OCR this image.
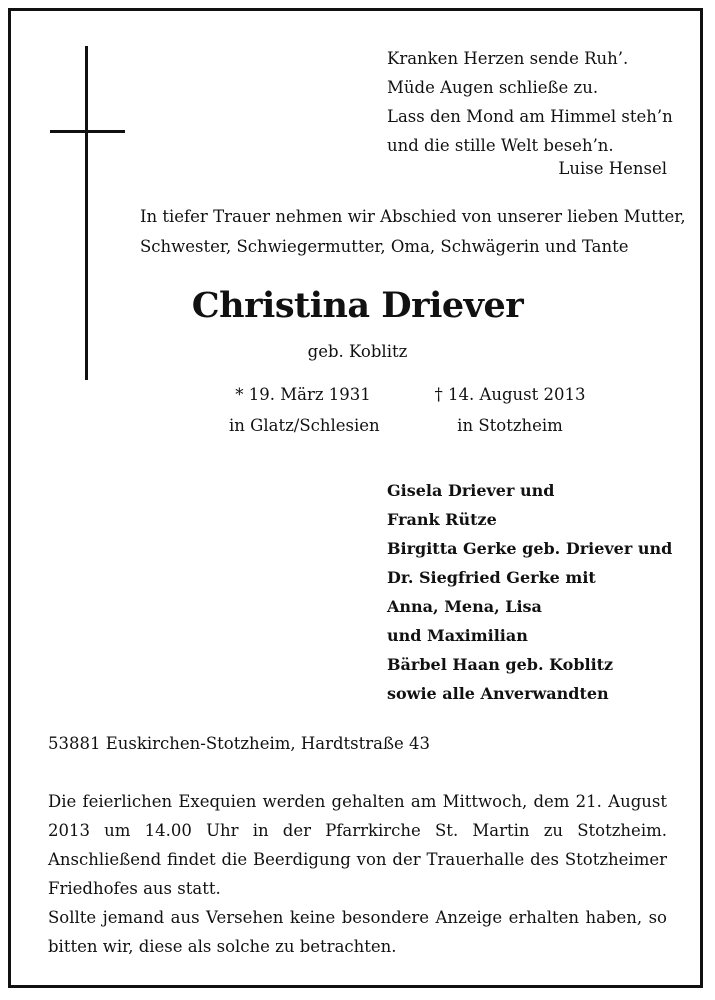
Kranken Herzen sende Ruh’.
Müde Augen schließe zu.
Lass den Mond am Himmel steh’n
und die stille Welt beseh’n.
Luise Hensel
In tiefer Trauer nehmen wir Abschied von unserer lieben Mutter,
Schwester, Schwiegermutter, Oma, Schwägerin und Tante
Christina Driever
geb. Koblitz
* 19. März 1931
in Glatz/Schlesien
† 14. August 2013
in Stotzheim
Gisela Driever und
Frank Rütze
Birgitta Gerke geb. Driever und
Dr. Siegfried Gerke mit
Anna, Mena, Lisa
und Maximilian
Bärbel Haan geb. Koblitz
sowie alle Anverwandten
53881 Euskirchen-Stotzheim, Hardtstraße 43

Die feierlichen Exequien werden gehalten am Mittwoch, dem 21. August 2013 um 14.00 Uhr in der Pfarrkirche St. Martin zu Stotzheim. Anschließend findet die Beerdigung von der Trauerhalle des Stotzheimer Friedhofes aus statt.

Sollte jemand aus Versehen keine besondere Anzeige erhalten haben, so bitten wir, diese als solche zu betrachten.
